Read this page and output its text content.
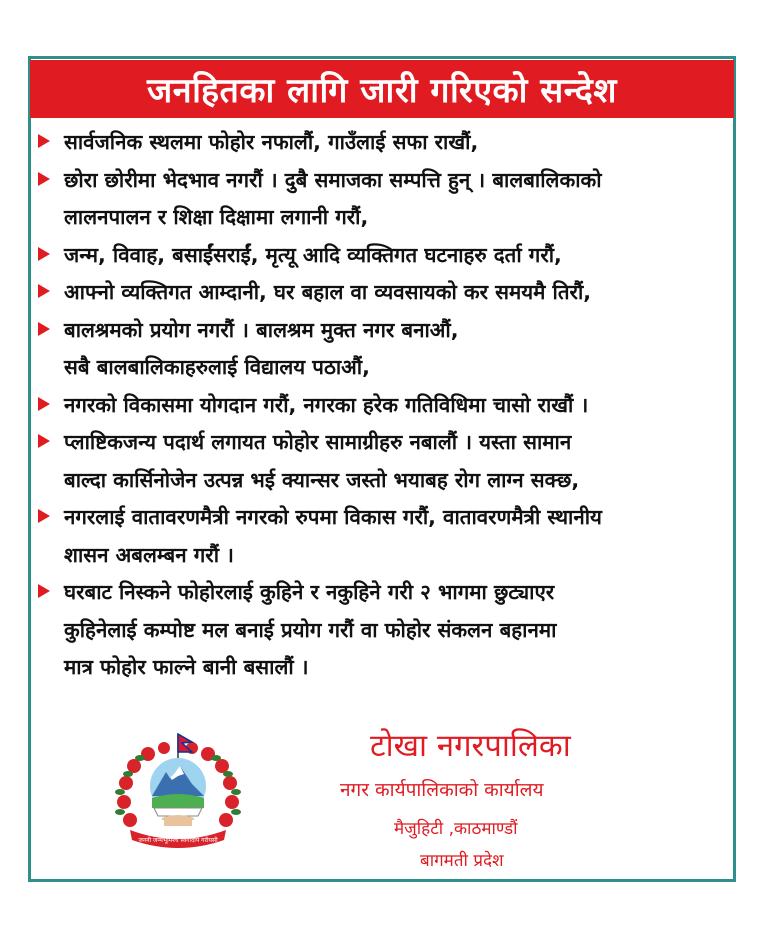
जनहितका लागि जारी गरिएको सन्देश
सार्वजनिक स्थलमा फोहोर नफालौं, गाउँलाई सफा राखौं,
छोरा छोरीमा भेदभाव नगरौं । दुबै समाजका सम्पत्ति हुन् । बालबालिकाको
लालनपालन र शिक्षा दिक्षामा लगानी गरौं,
जन्म, विवाह, बसाईंसराईं, मृत्यू आदि व्यक्तिगत घटनाहरु दर्ता गरौं,
आफ्नो व्यक्तिगत आम्दानी, घर बहाल वा व्यवसायको कर समयमै तिरौं,
बालश्रमको प्रयोग नगरौं । बालश्रम मुक्त नगर बनाऔं,
सबै बालबालिकाहरुलाई विद्यालय पठाऔं,
नगरको विकासमा योगदान गरौं, नगरका हरेक गतिविधिमा चासो राखौं ।
प्लाष्टिकजन्य पदार्थ लगायत फोहोर सामाग्रीहरु नबालौं । यस्ता सामान
बाल्दा कार्सिनोजेन उत्पन्न भई क्यान्सर जस्तो भयाबह रोग लाग्न सक्छ,
नगरलाई वातावरणमैत्री नगरको रुपमा विकास गरौं, वातावरणमैत्री स्थानीय
शासन अबलम्बन गरौं ।
घरबाट निस्कने फोहोरलाई कुहिने र नकुहिने गरी २ भागमा छुट्याएर
कुहिनेलाई कम्पोष्ट मल बनाई प्रयोग गरौं वा फोहोर संकलन बहानमा
मात्र फोहोर फाल्ने बानी बसालौं ।
जननी जन्मभूमिश्च स्वर्गादपि गरीयसी
टोखा नगरपालिका
नगर कार्यपालिकाको कार्यालय
मैजुहिटी ,काठमाण्डौं
बागमती प्रदेश
